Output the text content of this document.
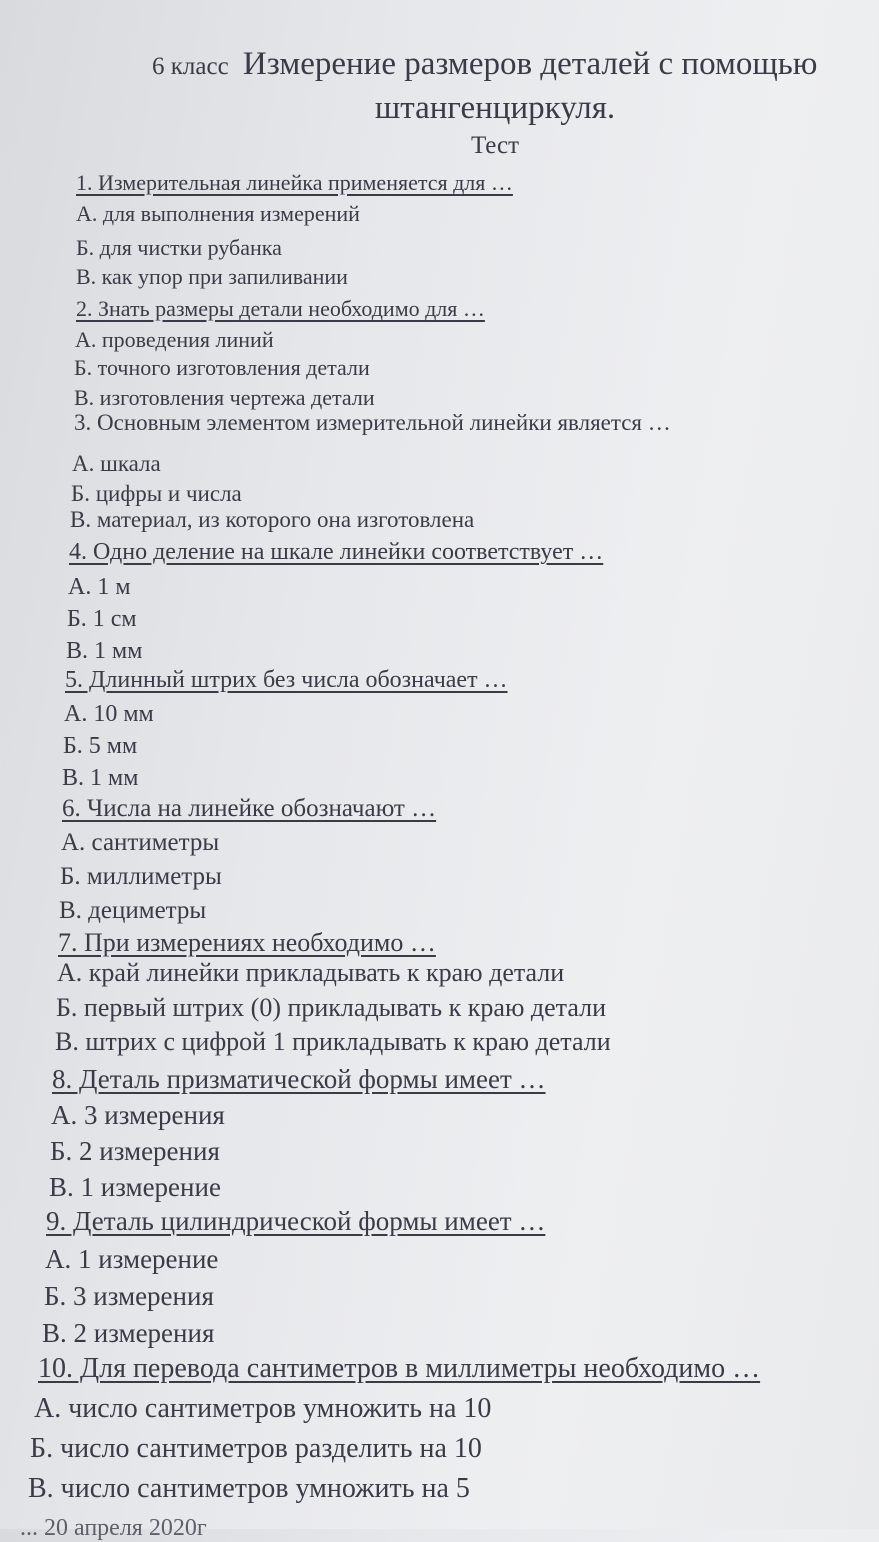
6 класс Измерение размеров деталей с помощью
штангенциркуля.
Тест
1. Измерительная линейка применяется для …
А. для выполнения измерений
Б. для чистки рубанка
В. как упор при запиливании
2. Знать размеры детали необходимо для …
А. проведения линий
Б. точного изготовления детали
В. изготовления чертежа детали
3. Основным элементом измерительной линейки является …
А. шкала
Б. цифры и числа
В. материал, из которого она изготовлена
4. Одно деление на шкале линейки соответствует …
А. 1 м
Б. 1 см
В. 1 мм
5. Длинный штрих без числа обозначает …
А. 10 мм
Б. 5 мм
В. 1 мм
6. Числа на линейке обозначают …
А. сантиметры
Б. миллиметры
В. дециметры
7. При измерениях необходимо …
А. край линейки прикладывать к краю детали
Б. первый штрих (0) прикладывать к краю детали
В. штрих с цифрой 1 прикладывать к краю детали
8. Деталь призматической формы имеет …
А. 3 измерения
Б. 2 измерения
В. 1 измерение
9. Деталь цилиндрической формы имеет …
А. 1 измерение
Б. 3 измерения
В. 2 измерения
10. Для перевода сантиметров в миллиметры необходимо …
А. число сантиметров умножить на 10
Б. число сантиметров разделить на 10
В. число сантиметров умножить на 5
... 20 апреля 2020г
